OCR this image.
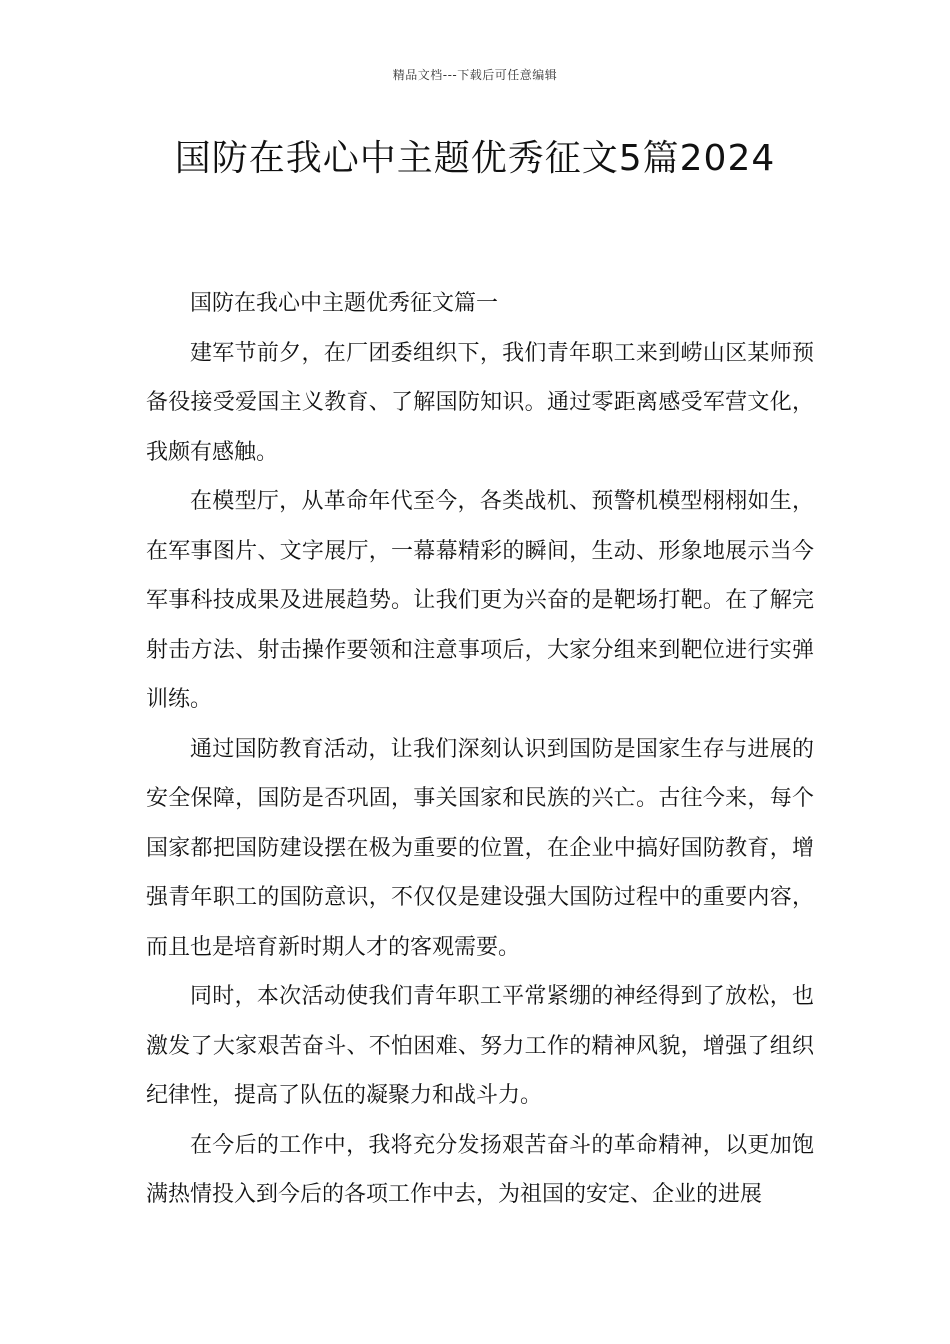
精品文档---下载后可任意编辑
国防在我心中主题优秀征文5篇2024

国防在我心中主题优秀征文篇一

建军节前夕，在厂团委组织下，我们青年职工来到崂山区某师预备役接受爱国主义教育、了解国防知识。通过零距离感受军营文化，我颇有感触。

在模型厅，从革命年代至今，各类战机、预警机模型栩栩如生，在军事图片、文字展厅，一幕幕精彩的瞬间，生动、形象地展示当今军事科技成果及进展趋势。让我们更为兴奋的是靶场打靶。在了解完射击方法、射击操作要领和注意事项后，大家分组来到靶位进行实弹训练。

通过国防教育活动，让我们深刻认识到国防是国家生存与进展的安全保障，国防是否巩固，事关国家和民族的兴亡。古往今来，每个国家都把国防建设摆在极为重要的位置，在企业中搞好国防教育，增强青年职工的国防意识，不仅仅是建设强大国防过程中的重要内容，而且也是培育新时期人才的客观需要。

同时，本次活动使我们青年职工平常紧绷的神经得到了放松，也激发了大家艰苦奋斗、不怕困难、努力工作的精神风貌，增强了组织纪律性，提高了队伍的凝聚力和战斗力。

在今后的工作中，我将充分发扬艰苦奋斗的革命精神，以更加饱满热情投入到今后的各项工作中去，为祖国的安定、企业的进展
